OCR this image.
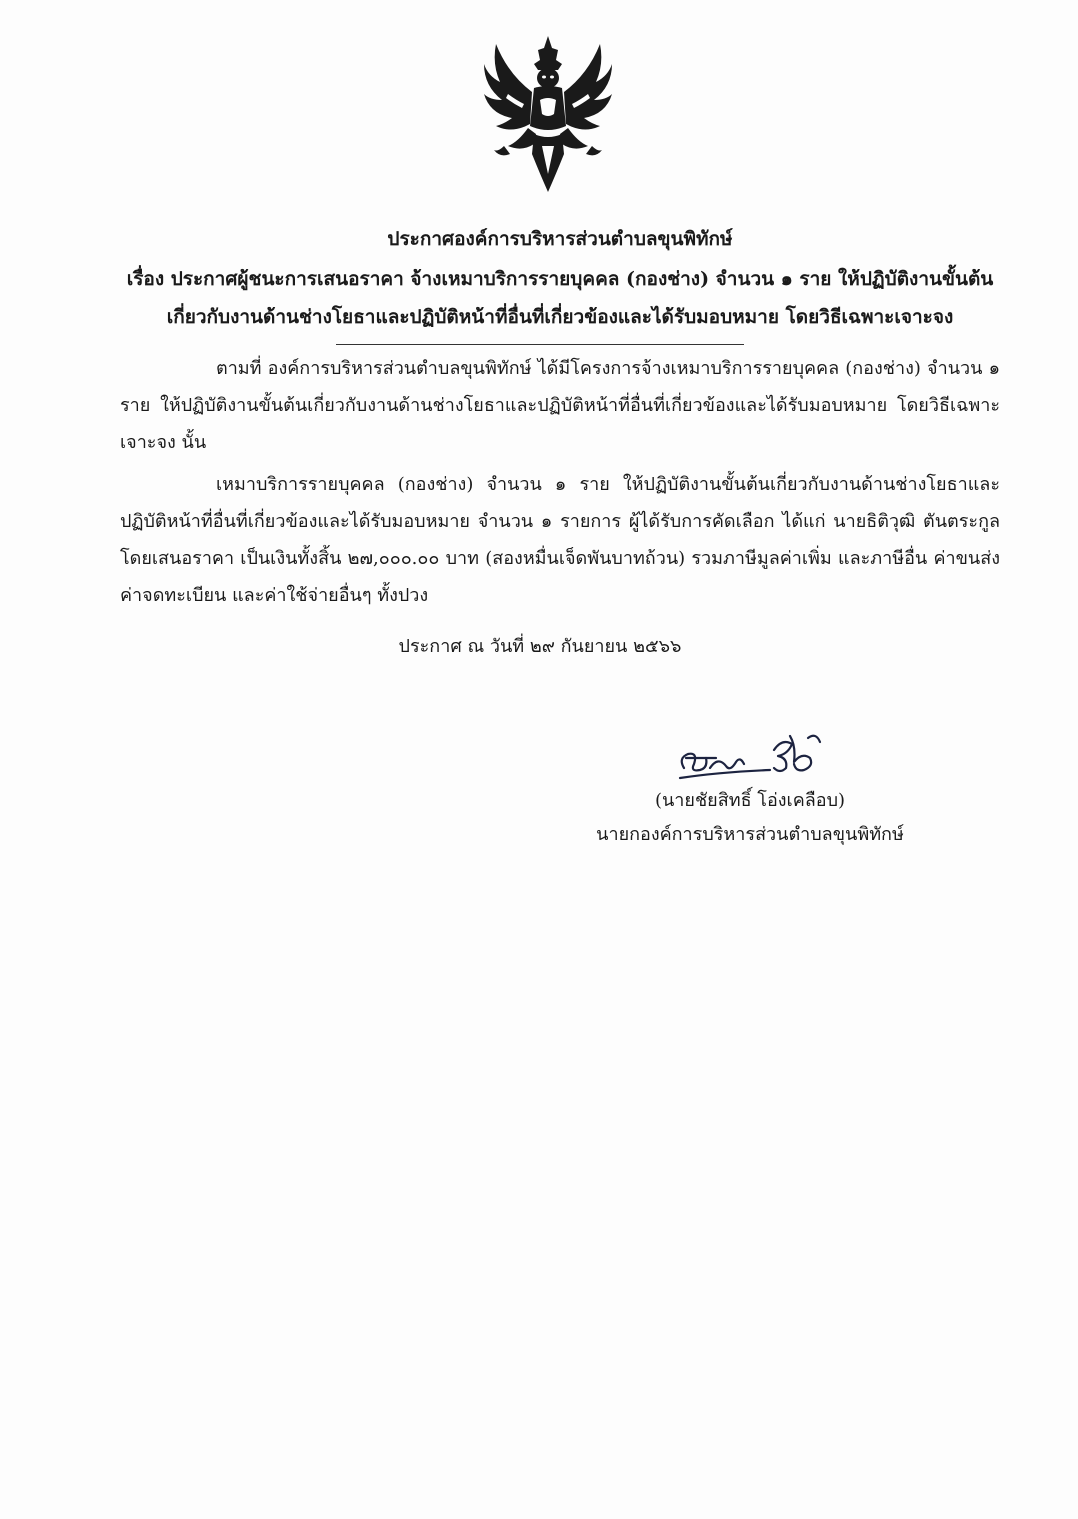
ประกาศองค์การบริหารส่วนตำบลขุนพิทักษ์

เรื่อง ประกาศผู้ชนะการเสนอราคา จ้างเหมาบริการรายบุคคล (กองช่าง) จำนวน ๑ ราย ให้ปฏิบัติงานขั้นต้น

เกี่ยวกับงานด้านช่างโยธาและปฏิบัติหน้าที่อื่นที่เกี่ยวข้องและได้รับมอบหมาย โดยวิธีเฉพาะเจาะจง

ตามที่ องค์การบริหารส่วนตำบลขุนพิทักษ์ ได้มีโครงการจ้างเหมาบริการรายบุคคล (กองช่าง) จำนวน ๑ ราย ให้ปฏิบัติงานขั้นต้นเกี่ยวกับงานด้านช่างโยธาและปฏิบัติหน้าที่อื่นที่เกี่ยวข้องและได้รับมอบหมาย โดยวิธีเฉพาะเจาะจง นั้น

เหมาบริการรายบุคคล (กองช่าง) จำนวน ๑ ราย ให้ปฏิบัติงานขั้นต้นเกี่ยวกับงานด้านช่างโยธาและปฏิบัติหน้าที่อื่นที่เกี่ยวข้องและได้รับมอบหมาย จำนวน ๑ รายการ ผู้ได้รับการคัดเลือก ได้แก่ นายธิติวุฒิ ตันตระกูล โดยเสนอราคา เป็นเงินทั้งสิ้น ๒๗,๐๐๐.๐๐ บาท (สองหมื่นเจ็ดพันบาทถ้วน) รวมภาษีมูลค่าเพิ่ม และภาษีอื่น ค่าขนส่ง ค่าจดทะเบียน และค่าใช้จ่ายอื่นๆ ทั้งปวง

ประกาศ ณ วันที่ ๒๙ กันยายน ๒๕๖๖

(นายชัยสิทธิ์ โอ่งเคลือบ)

นายกองค์การบริหารส่วนตำบลขุนพิทักษ์
